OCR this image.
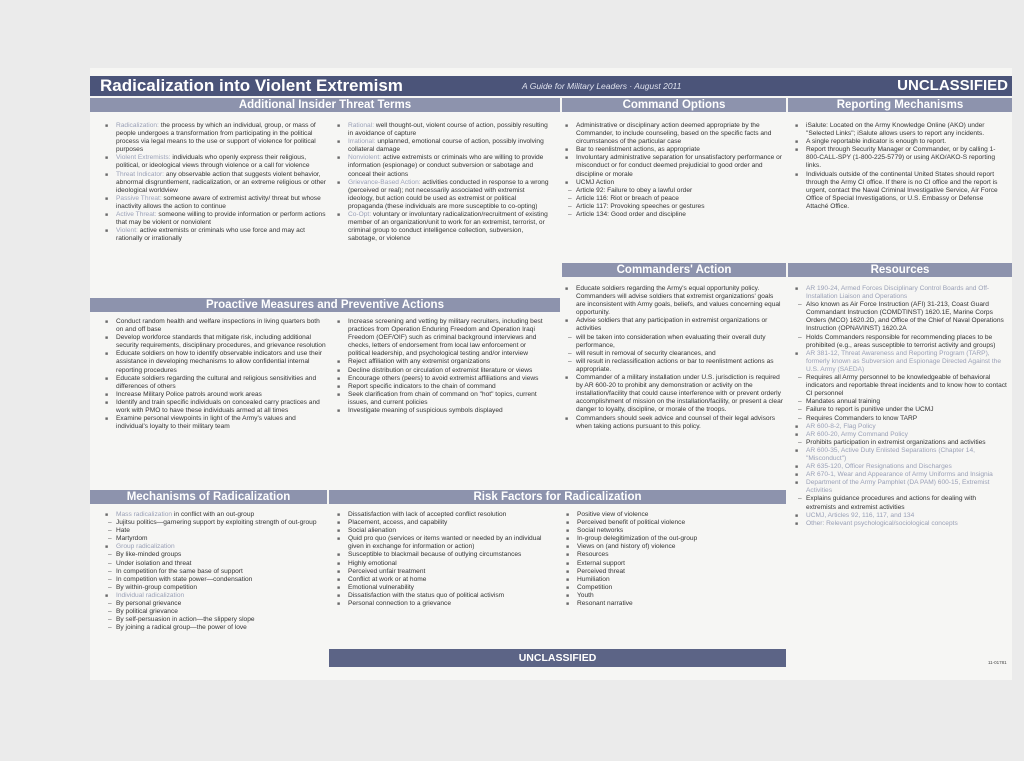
Radicalization into Violent Extremism	A Guide for Military Leaders · August 2011	UNCLASSIFIED
Additional Insider Threat Terms	Command Options	Reporting Mechanisms
■ Radicalization: the process by which an individual, group, or mass of people undergoes a transformation from participating in the political process via legal means to the use or support of violence for political purposes
■ Violent Extremists: individuals who openly express their religious, political, or ideological views through violence or a call for violence
■ Threat Indicator: any observable action that suggests violent behavior, abnormal disgruntlement, radicalization, or an extreme religious or other ideological worldview
■ Passive Threat: someone aware of extremist activity/ threat but whose inactivity allows the action to continue
■ Active Threat: someone willing to provide information or perform actions that may be violent or nonviolent
■ Violent: active extremists or criminals who use force and may act rationally or irrationally
■ Rational: well thought-out, violent course of action, possibly resulting in avoidance of capture
■ Irrational: unplanned, emotional course of action, possibly involving collateral damage
■ Nonviolent: active extremists or criminals who are willing to provide information (espionage) or conduct subversion or sabotage and conceal their actions
■ Grievance-Based Action: activities conducted in response to a wrong (perceived or real); not necessarily associated with extremist ideology, but action could be used as extremist or political propaganda (these individuals are more susceptible to co-opting)
■ Co-Opt: voluntary or involuntary radicalization/recruitment of existing member of an organization/unit to work for an extremist, terrorist, or criminal group to conduct intelligence collection, subversion, sabotage, or violence
■ Administrative or disciplinary action deemed appropriate by the Commander, to include counseling, based on the specific facts and circumstances of the particular case
■ Bar to reenlistment actions, as appropriate
■ Involuntary administrative separation for unsatisfactory performance or misconduct or for conduct deemed prejudicial to good order and discipline or morale
■ UCMJ Action
– Article 92: Failure to obey a lawful order
– Article 116: Riot or breach of peace
– Article 117: Provoking speeches or gestures
– Article 134: Good order and discipline
■ iSalute: Located on the Army Knowledge Online (AKO) under "Selected Links"; iSalute allows users to report any incidents.
■ A single reportable indicator is enough to report.
■ Report through Security Manager or Commander, or by calling 1-800-CALL-SPY (1-800-225-5779) or using AKO/AKO-S reporting links.
■ Individuals outside of the continental United States should report through the Army CI office. If there is no CI office and the report is urgent, contact the Naval Criminal Investigative Service, Air Force Office of Special Investigations, or U.S. Embassy or Defense Attaché Office.
Commanders' Action	Resources
■ Educate soldiers regarding the Army's equal opportunity policy. Commanders will advise soldiers that extremist organizations' goals are inconsistent with Army goals, beliefs, and values concerning equal opportunity.
■ Advise soldiers that any participation in extremist organizations or activities
– will be taken into consideration when evaluating their overall duty performance,
– will result in removal of security clearances, and
– will result in reclassification actions or bar to reenlistment actions as appropriate.
■ Commander of a military installation under U.S. jurisdiction is required by AR 600-20 to prohibit any demonstration or activity on the installation/facility that could cause interference with or prevent orderly accomplishment of mission on the installation/facility, or present a clear danger to loyalty, discipline, or morale of the troops.
■ Commanders should seek advice and counsel of their legal advisors when taking actions pursuant to this policy.
■ AR 190-24, Armed Forces Disciplinary Control Boards and Off-Installation Liaison and Operations
– Also known as Air Force Instruction (AFI) 31-213, Coast Guard Commandant Instruction (COMDTINST) 1620.1E, Marine Corps Orders (MCO) 1620.2D, and Office of the Chief of Naval Operations Instruction (OPNAVINST) 1620.2A
– Holds Commanders responsible for recommending places to be prohibited (e.g., areas susceptible to terrorist activity and groups)
■ AR 381-12, Threat Awareness and Reporting Program (TARP), formerly known as Subversion and Espionage Directed Against the U.S. Army (SAEDA)
– Requires all Army personnel to be knowledgeable of behavioral indicators and reportable threat incidents and to know how to contact CI personnel
– Mandates annual training
– Failure to report is punitive under the UCMJ
– Requires Commanders to know TARP
■ AR 600-8-2, Flag Policy
■ AR 600-20, Army Command Policy
– Prohibits participation in extremist organizations and activities
■ AR 600-35, Active Duty Enlisted Separations (Chapter 14, "Misconduct")
■ AR 635-120, Officer Resignations and Discharges
■ AR 670-1, Wear and Appearance of Army Uniforms and Insignia
■ Department of the Army Pamphlet (DA PAM) 600-15, Extremist Activities
– Explains guidance procedures and actions for dealing with extremists and extremist activities
■ UCMJ, Articles 92, 116, 117, and 134
■ Other: Relevant psychological/sociological concepts
Proactive Measures and Preventive Actions
■ Conduct random health and welfare inspections in living quarters both on and off base
■ Develop workforce standards that mitigate risk, including additional security requirements, disciplinary procedures, and grievance resolution
■ Educate soldiers on how to identify observable indicators and use their assistance in developing mechanisms to allow confidential internal reporting procedures
■ Educate soldiers regarding the cultural and religious sensitivities and differences of others
■ Increase Military Police patrols around work areas
■ Identify and train specific individuals on concealed carry practices and work with PMO to have these individuals armed at all times
■ Examine personal viewpoints in light of the Army's values and individual's loyalty to their military team
■ Increase screening and vetting by military recruiters, including best practices from Operation Enduring Freedom and Operation Iraqi Freedom (OEF/OIF) such as criminal background interviews and checks, letters of endorsement from local law enforcement or political leadership, and psychological testing and/or interview
■ Reject affiliation with any extremist organizations
■ Decline distribution or circulation of extremist literature or views
■ Encourage others (peers) to avoid extremist affiliations and views
■ Report specific indicators to the chain of command
■ Seek clarification from chain of command on "hot" topics, current issues, and current policies
■ Investigate meaning of suspicious symbols displayed
Mechanisms of Radicalization	Risk Factors for Radicalization
■ Mass radicalization in conflict with an out-group
– Jujitsu politics—garnering support by exploiting strength of out-group
– Hate
– Martyrdom
■ Group radicalization
– By like-minded groups
– Under isolation and threat
– In competition for the same base of support
– In competition with state power—condensation
– By within-group competition
■ Individual radicalization
– By personal grievance
– By political grievance
– By self-persuasion in action—the slippery slope
– By joining a radical group—the power of love
■ Dissatisfaction with lack of accepted conflict resolution
■ Placement, access, and capability
■ Social alienation
■ Quid pro quo (services or items wanted or needed by an individual given in exchange for information or action)
■ Susceptible to blackmail because of outlying circumstances
■ Highly emotional
■ Perceived unfair treatment
■ Conflict at work or at home
■ Emotional vulnerability
■ Dissatisfaction with the status quo of political activism
■ Personal connection to a grievance
■ Positive view of violence
■ Perceived benefit of political violence
■ Social networks
■ In-group delegitimization of the out-group
■ Views on (and history of) violence
■ Resources
■ External support
■ Perceived threat
■ Humiliation
■ Competition
■ Youth
■ Resonant narrative
UNCLASSIFIED	11-01781
